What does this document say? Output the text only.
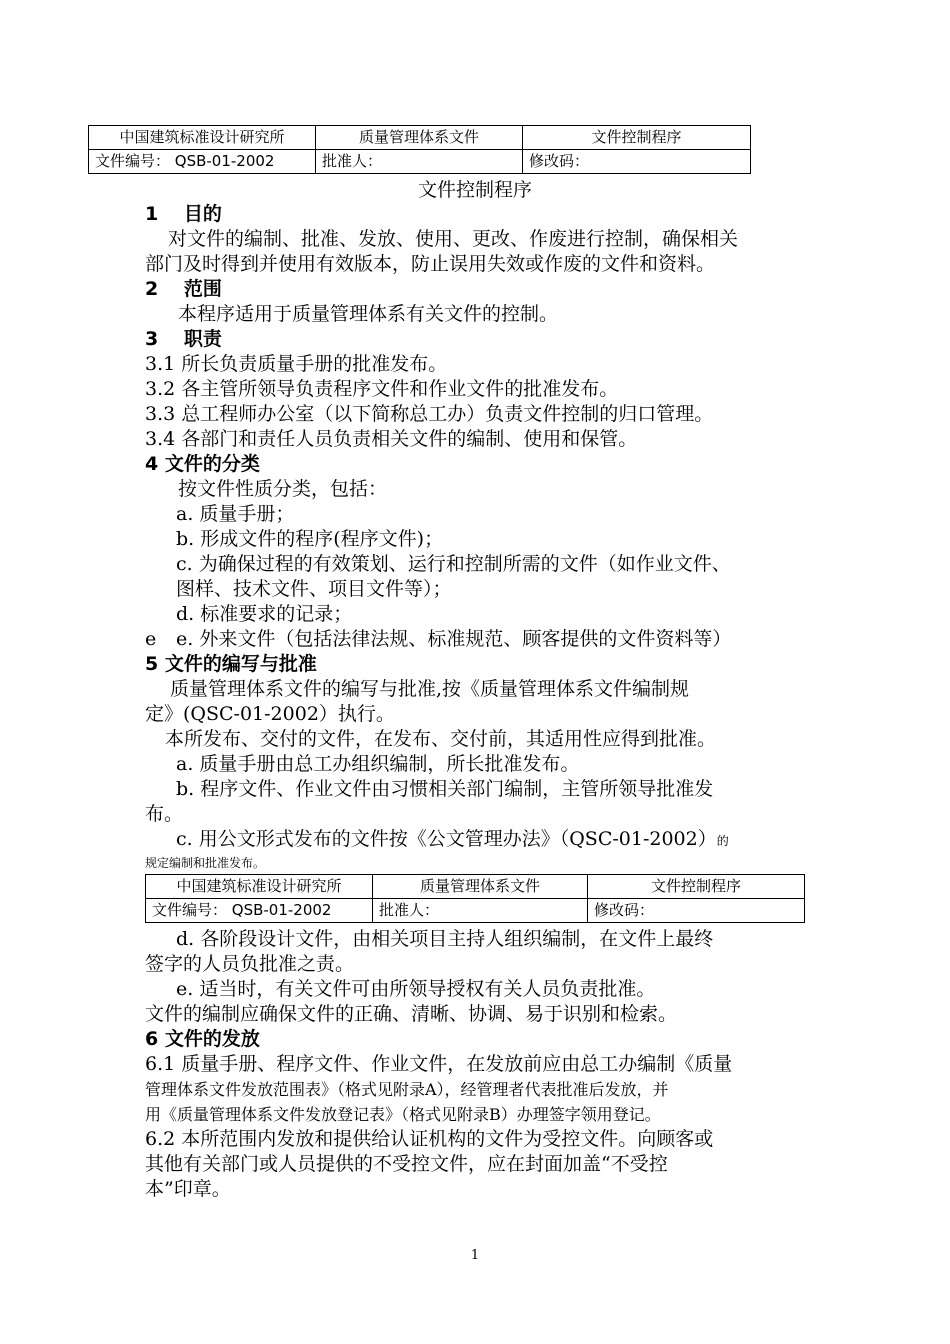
中国建筑标准设计研究所	质量管理体系文件	文件控制程序
文件编号： QSB-01-2002	批准人：	修改码：
文件控制程序
1　 目的
对文件的编制、批准、发放、使用、更改、作废进行控制，确保相关
部门及时得到并使用有效版本，防止误用失效或作废的文件和资料。
2　 范围
本程序适用于质量管理体系有关文件的控制。
3　 职责
3.1 所长负责质量手册的批准发布。
3.2 各主管所领导负责程序文件和作业文件的批准发布。
3.3 总工程师办公室（以下简称总工办）负责文件控制的归口管理。
3.4 各部门和责任人员负责相关文件的编制、使用和保管。
4 文件的分类
按文件性质分类，包括：
a. 质量手册；
b. 形成文件的程序(程序文件)；
c. 为确保过程的有效策划、运行和控制所需的文件（如作业文件、
图样、技术文件、项目文件等）；
d. 标准要求的记录；
e e. 外来文件（包括法律法规、标准规范、顾客提供的文件资料等）
5 文件的编写与批准
质量管理体系文件的编写与批准,按《质量管理体系文件编制规
定》(QSC-01-2002）执行。
本所发布、交付的文件，在发布、交付前，其适用性应得到批准。
a. 质量手册由总工办组织编制，所长批准发布。
b. 程序文件、作业文件由习惯相关部门编制，主管所领导批准发
布。
c. 用公文形式发布的文件按《公文管理办法》（QSC-01-2002）的
规定编制和批准发布。
中国建筑标准设计研究所	质量管理体系文件	文件控制程序
文件编号： QSB-01-2002	批准人：	修改码：
d. 各阶段设计文件，由相关项目主持人组织编制，在文件上最终
签字的人员负批准之责。
e. 适当时，有关文件可由所领导授权有关人员负责批准。
文件的编制应确保文件的正确、清晰、协调、易于识别和检索。
6 文件的发放
6.1 质量手册、程序文件、作业文件，在发放前应由总工办编制《质量
管理体系文件发放范围表》（格式见附录A），经管理者代表批准后发放，并
用《质量管理体系文件发放登记表》（格式见附录B）办理签字领用登记。
6.2 本所范围内发放和提供给认证机构的文件为受控文件。向顾客或
其他有关部门或人员提供的不受控文件，应在封面加盖“不受控
本”印章。
1
